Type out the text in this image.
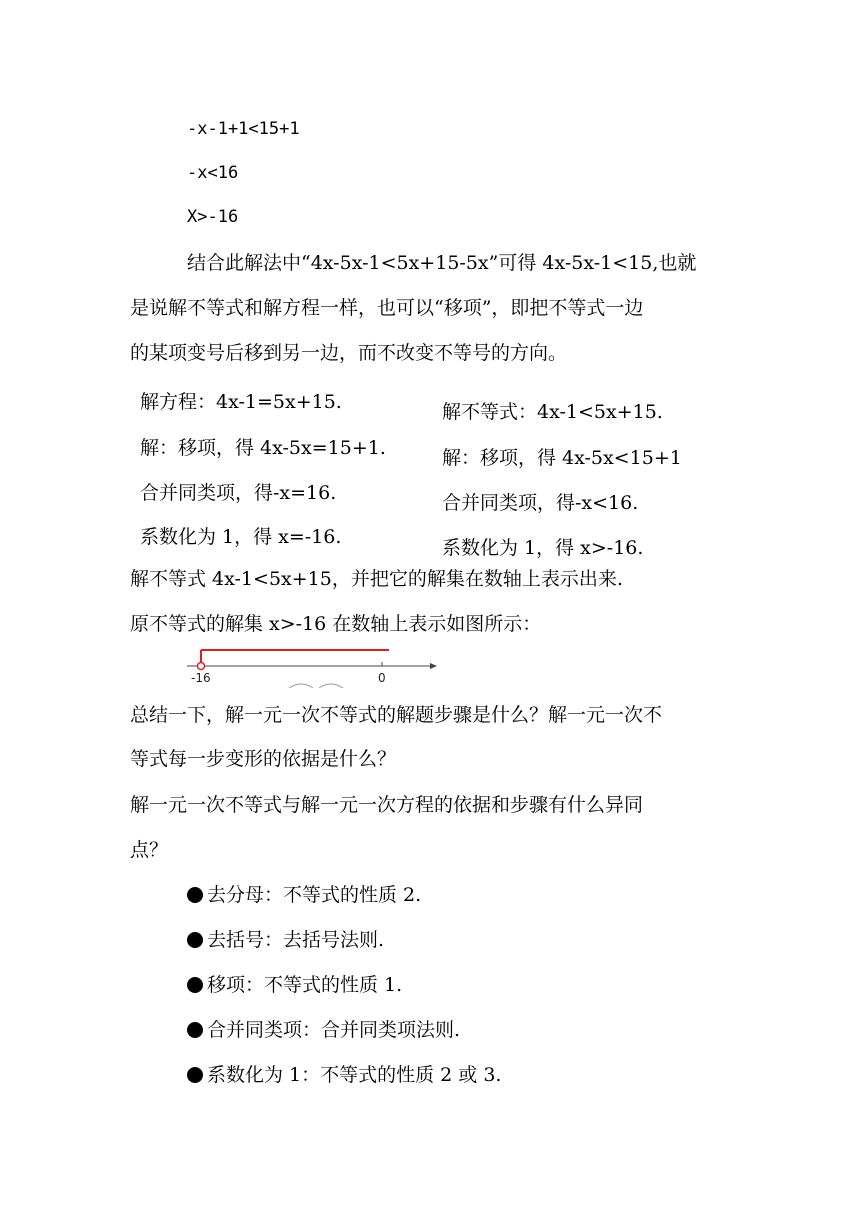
-x-1+1<15+1
-x<16
X>-16
结合此解法中“4x-5x-1<5x+15-5x”可得 4x-5x-1<15,也就
是说解不等式和解方程一样，也可以“移项”，即把不等式一边
的某项变号后移到另一边，而不改变不等号的方向。
解方程：4x-1=5x+15.
解：移项，得 4x-5x=15+1.
合并同类项，得-x=16.
系数化为 1，得 x=-16.
解不等式：4x-1<5x+15.
解：移项，得 4x-5x<15+1
合并同类项，得-x<16.
系数化为 1，得 x>-16.
解不等式 4x-1<5x+15，并把它的解集在数轴上表示出来.
原不等式的解集 x>-16 在数轴上表示如图所示：
-16	0
总结一下，解一元一次不等式的解题步骤是什么？解一元一次不
等式每一步变形的依据是什么？
解一元一次不等式与解一元一次方程的依据和步骤有什么异同
点？
去分母：不等式的性质 2.
去括号：去括号法则.
移项：不等式的性质 1.
合并同类项：合并同类项法则.
系数化为 1：不等式的性质 2 或 3.
